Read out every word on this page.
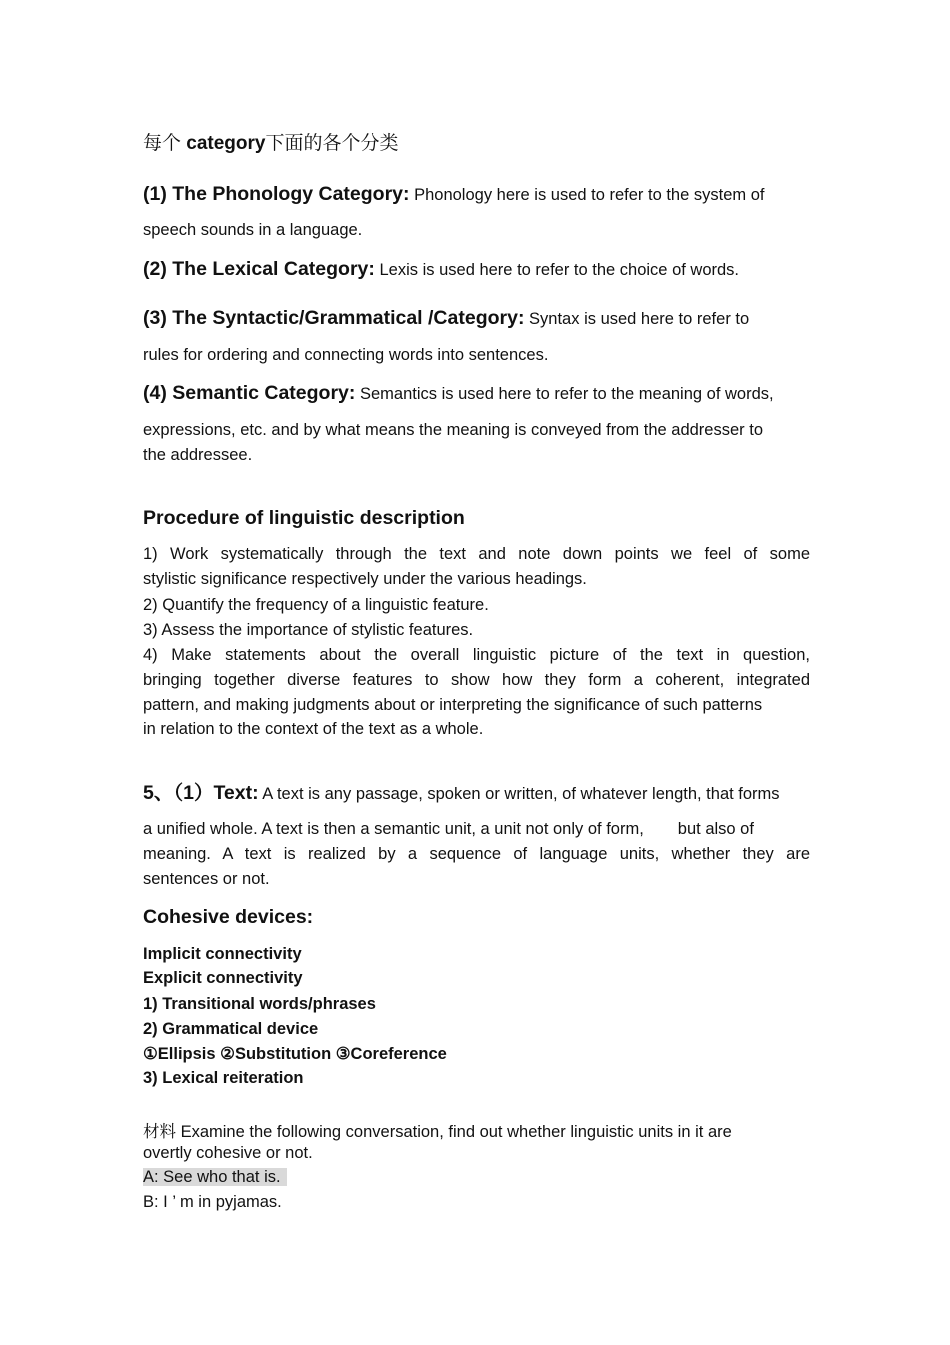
每个 category下面的各个分类
(1) The Phonology Category: Phonology here is used to refer to the system of
speech sounds in a language.
(2) The Lexical Category: Lexis is used here to refer to the choice of words.
(3) The Syntactic/Grammatical /Category: Syntax is used here to refer to
rules for ordering and connecting words into sentences.
(4) Semantic Category: Semantics is used here to refer to the meaning of words,
expressions, etc. and by what means the meaning is conveyed from the addresser to
the addressee.
Procedure of linguistic description
1) Work systematically through the text and note down points we feel of some
stylistic significance respectively under the various headings.
2) Quantify the frequency of a linguistic feature.
3) Assess the importance of stylistic features.
4) Make statements about the overall linguistic picture of the text in question,
bringing together diverse features to show how they form a coherent, integrated
pattern, and making judgments about or interpreting the significance of such patterns
in relation to the context of the text as a whole.
5、（1）Text: A text is any passage, spoken or written, of whatever length, that forms
a unified whole. A text is then a semantic unit, a unit not only of form, but also of
meaning. A text is realized by a sequence of language units, whether they are
sentences or not.
Cohesive devices:
Implicit connectivity
Explicit connectivity
1) Transitional words/phrases
2) Grammatical device
①Ellipsis ②Substitution ③Coreference
3) Lexical reiteration
材料 Examine the following conversation, find out whether linguistic units in it are
overtly cohesive or not.
A: See who that is.
B: I ’ m in pyjamas.
